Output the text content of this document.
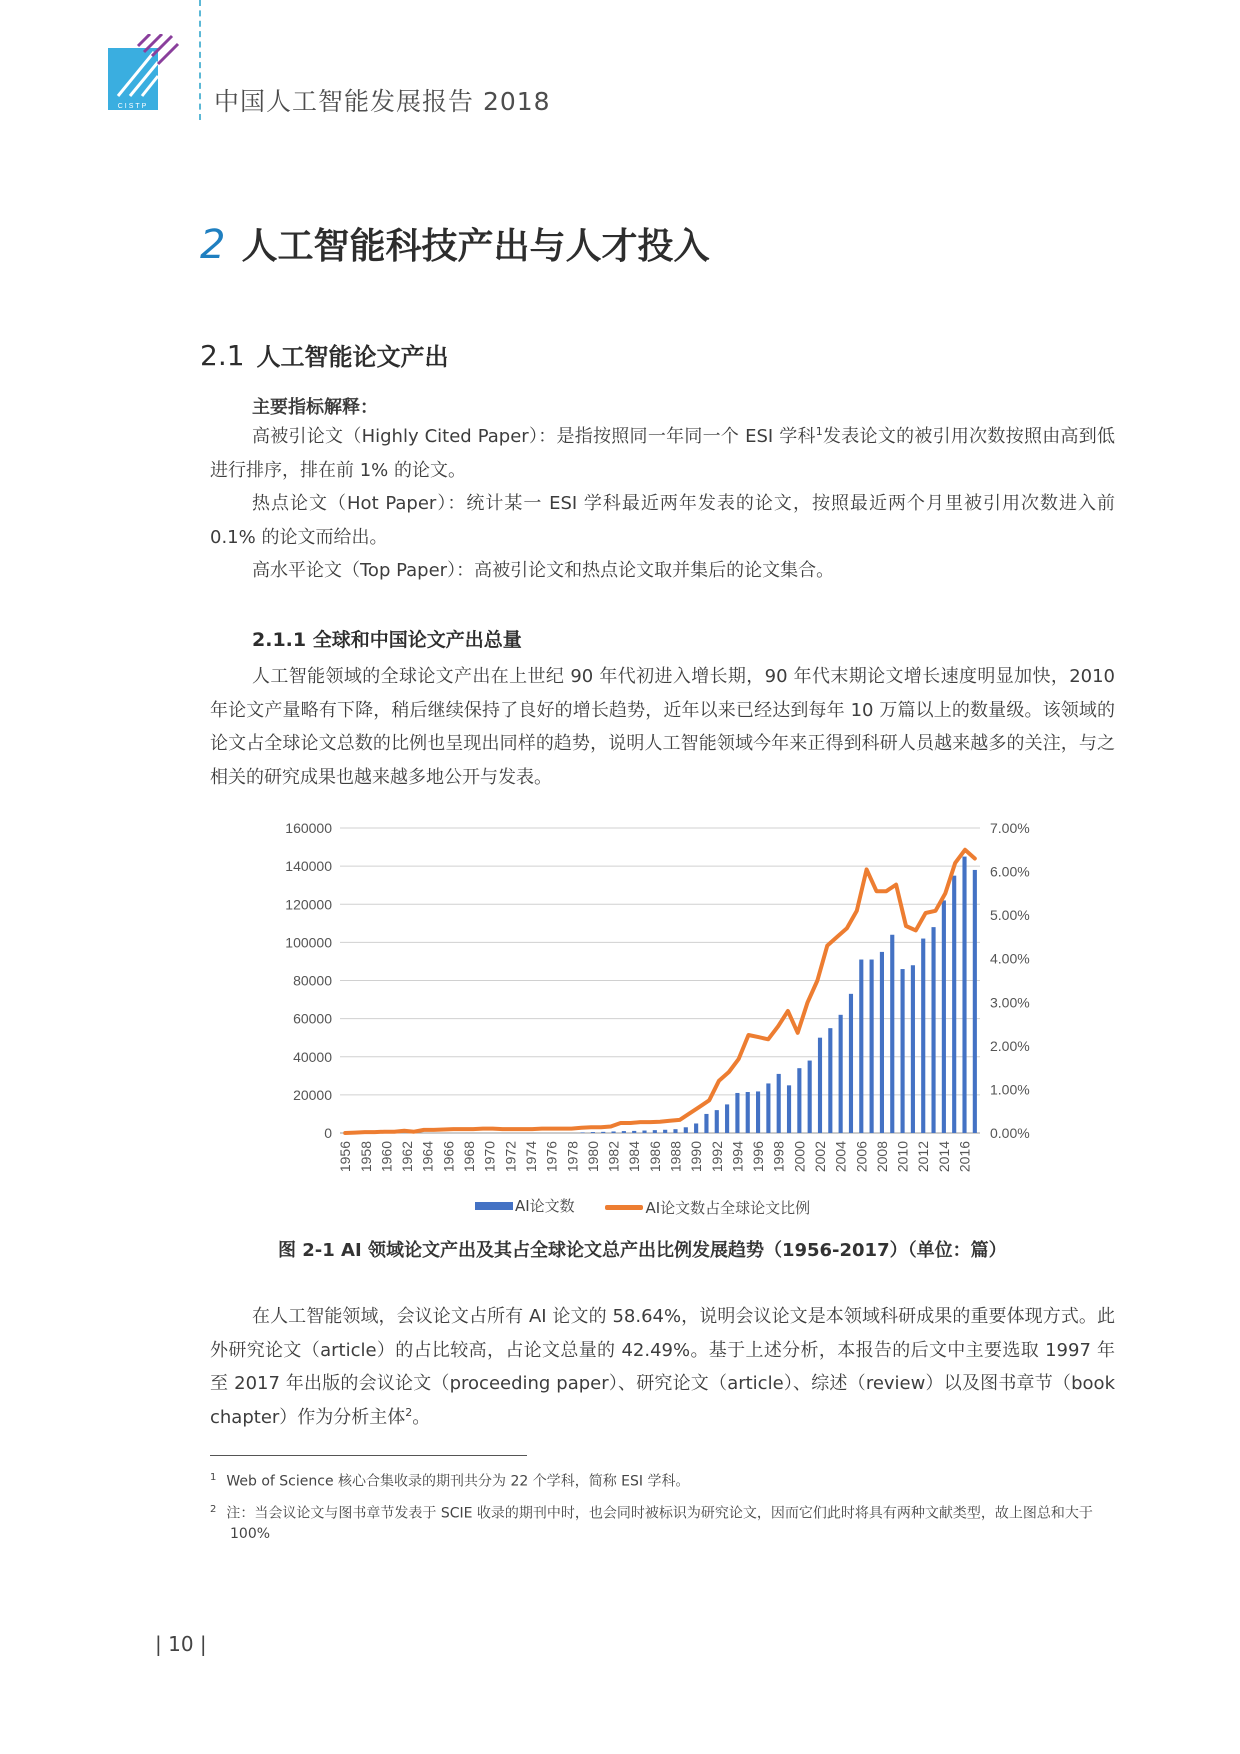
CISTP	中国人工智能发展报告 2018
2 人工智能科技产出与人才投入
2.1 人工智能论文产出
主要指标解释：

高被引论文（Highly Cited Paper）：是指按照同一年同一个 ESI 学科$^1$发表论文的被引用次数按照由高到低进行排序，排在前 1% 的论文。

热点论文（Hot Paper）：统计某一 ESI 学科最近两年发表的论文，按照最近两个月里被引用次数进入前 0.1% 的论文而给出。

高水平论文（Top Paper）：高被引论文和热点论文取并集后的论文集合。

2.1.1 全球和中国论文产出总量

人工智能领域的全球论文产出在上世纪 90 年代初进入增长期，90 年代末期论文增长速度明显加快，2010 年论文产量略有下降，稍后继续保持了良好的增长趋势，近年以来已经达到每年 10 万篇以上的数量级。该领域的论文占全球论文总数的比例也呈现出同样的趋势，说明人工智能领域今年来正得到科研人员越来越多的关注，与之相关的研究成果也越来越多地公开与发表。

0
20000
40000
60000
80000
100000
120000
140000
160000
0.00%
1.00%
2.00%
3.00%
4.00%
5.00%
6.00%
7.00%
1956 1958 1960 1962 1964 1966 1968 1970 1972 1974 1976 1978 1980 1982 1984 1986 1988 1990 1992 1994 1996 1998 2000 2002 2004 2006 2008 2010 2012 2014 2016
AI论文数
	AI论文数占全球论文比例
图 2-1 AI 领域论文产出及其占全球论文总产出比例发展趋势（1956-2017）（单位：篇）

在人工智能领域，会议论文占所有 AI 论文的 58.64%，说明会议论文是本领域科研成果的重要体现方式。此外研究论文（article）的占比较高，占论文总量的 42.49%。基于上述分析，本报告的后文中主要选取 1997 年至 2017 年出版的会议论文（proceeding paper）、研究论文（article）、综述（review）以及图书章节（book chapter）作为分析主体$^2$。

$^1$ Web of Science 核心合集收录的期刊共分为 22 个学科，简称 ESI 学科。
$^2$ 注：当会议论文与图书章节发表于 SCIE 收录的期刊中时，也会同时被标识为研究论文，因而它们此时将具有两种文献类型，故上图总和大于 100%
| 10 |
